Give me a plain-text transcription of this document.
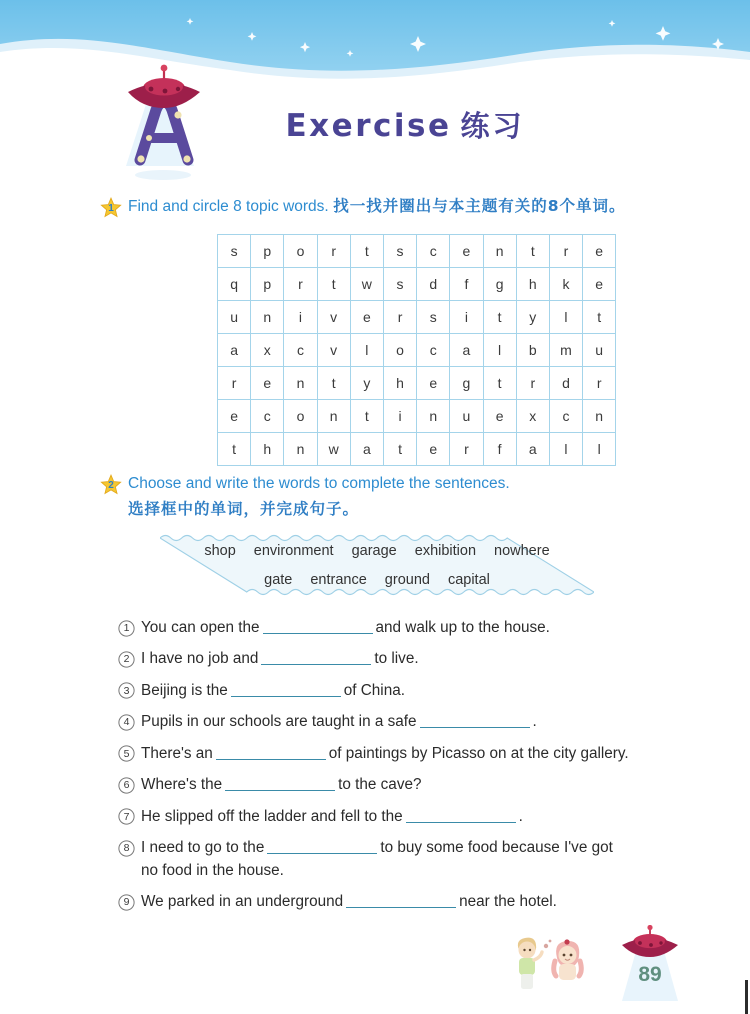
Exercise 练习
1 Find and circle 8 topic words. 找一找并圈出与本主题有关的8个单词。
s	p	o	r	t	s	c	e	n	t	r	e
q	p	r	t	w	s	d	f	g	h	k	e
u	n	i	v	e	r	s	i	t	y	l	t
a	x	c	v	l	o	c	a	l	b	m	u
r	e	n	t	y	h	e	g	t	r	d	r
e	c	o	n	t	i	n	u	e	x	c	n
t	h	n	w	a	t	e	r	f	a	l	l
2 Choose and write the words to complete the sentences.
选择框中的单词，并完成句子。
shop environment garage exhibition nowhere
gate entrance ground capital
1 You can open the	and walk up to the house.
2 I have no job and	to live.
3 Beijing is the	of China.
4 Pupils in our schools are taught in a safe	.
5 There's an	of paintings by Picasso on at the city gallery.
6 Where's the	to the cave?
7 He slipped off the ladder and fell to the	.
8 I need to go to the	to buy some food because I've got
no food in the house.
9 We parked in an underground	near the hotel.
89
